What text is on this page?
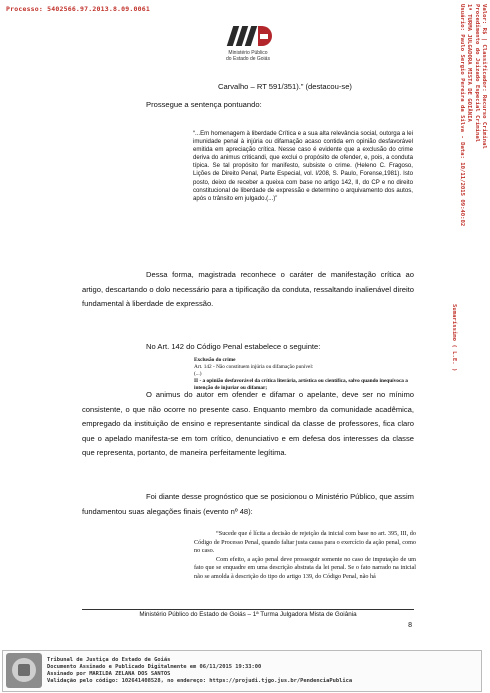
Processo: 5402566.97.2013.8.09.0061
Ministério Público
do Estado de Goiás	Valor: R$ | Classificador: Recurso Criminal
Procedimento do Juizado Especial Criminal
1ª TURMA JULGADORA MISTA DE GOIÂNIA
Usuário: Paulo Sergio Pereira da Silva - Data: 10/11/2015 09:40:02
Sumaríssimo ( L.E. )
Carvalho – RT 591/351).” (destacou-se)
Prossegue a sentença pontuando:
“...Em homenagem à liberdade Crítica e a sua alta relevância social, outorga a lei imunidade penal à injúria ou difamação acaso contida em opinião desfavorável emitida em apreciação crítica. Nesse caso é evidente que a exclusão do crime deriva do animus criticandi, que exclui o propósito de ofender, e, pois, a conduta típica. Se tal propósito for manifesto, subsiste o crime. (Heleno C. Fragoso, Lições de Direito Penal, Parte Especial, vol. I/208, S. Paulo, Forense,1981). Isto posto, deixo de receber a queixa com base no artigo 142, II, do CP e no direito constitucional de liberdade de expressão e determino o arquivamento dos autos, após o trânsito em julgado.(...)”
Dessa forma, magistrada reconhece o caráter de manifestação crítica ao artigo, descartando o dolo necessário para a tipificação da conduta, ressaltando inalienável direito fundamental à liberdade de expressão.
No Art. 142 do Código Penal estabelece o seguinte:
Exclusão do crime
Art. 142 - Não constituem injúria ou difamação punível:
(...)
II - a opinião desfavorável da crítica literária, artística ou científica, salvo quando inequívoca a intenção de injuriar ou difamar;
O animus do autor em ofender e difamar o apelante, deve ser no mínimo consistente, o que não ocorre no presente caso. Enquanto membro da comunidade acadêmica, empregado da instituição de ensino e representante sindical da classe de professores, fica claro que o apelado manifesta-se em tom crítico, denunciativo e em defesa dos interesses da classe que representa, portanto, de maneira perfeitamente legítima.
Foi diante desse prognóstico que se posicionou o Ministério Público, que assim fundamentou suas alegações finais (evento nº 48):
“Sucede que é lícita a decisão de rejeição da inicial com base no art. 395, III, do Código de Processo Penal, quando faltar justa causa para o exercício da ação penal, como no caso.
Com efeito, a ação penal deve prosseguir somente no caso de imputação de um fato que se enquadre em uma descrição abstrata da lei penal. Se o fato narrado na inicial não se amolda à descrição do tipo do artigo 139, do Código Penal, não há
Ministério Público do Estado de Goiás – 1ª Turma Julgadora Mista de Goiânia
8
Tribunal de Justiça do Estado de Goiás
Documento Assinado e Publicado Digitalmente em 06/11/2015 19:33:00
Assinado por MARILDA ZELANA DOS SANTOS
Validação pelo código: 102641408528, no endereço: https://projudi.tjgo.jus.br/PendenciaPublica
